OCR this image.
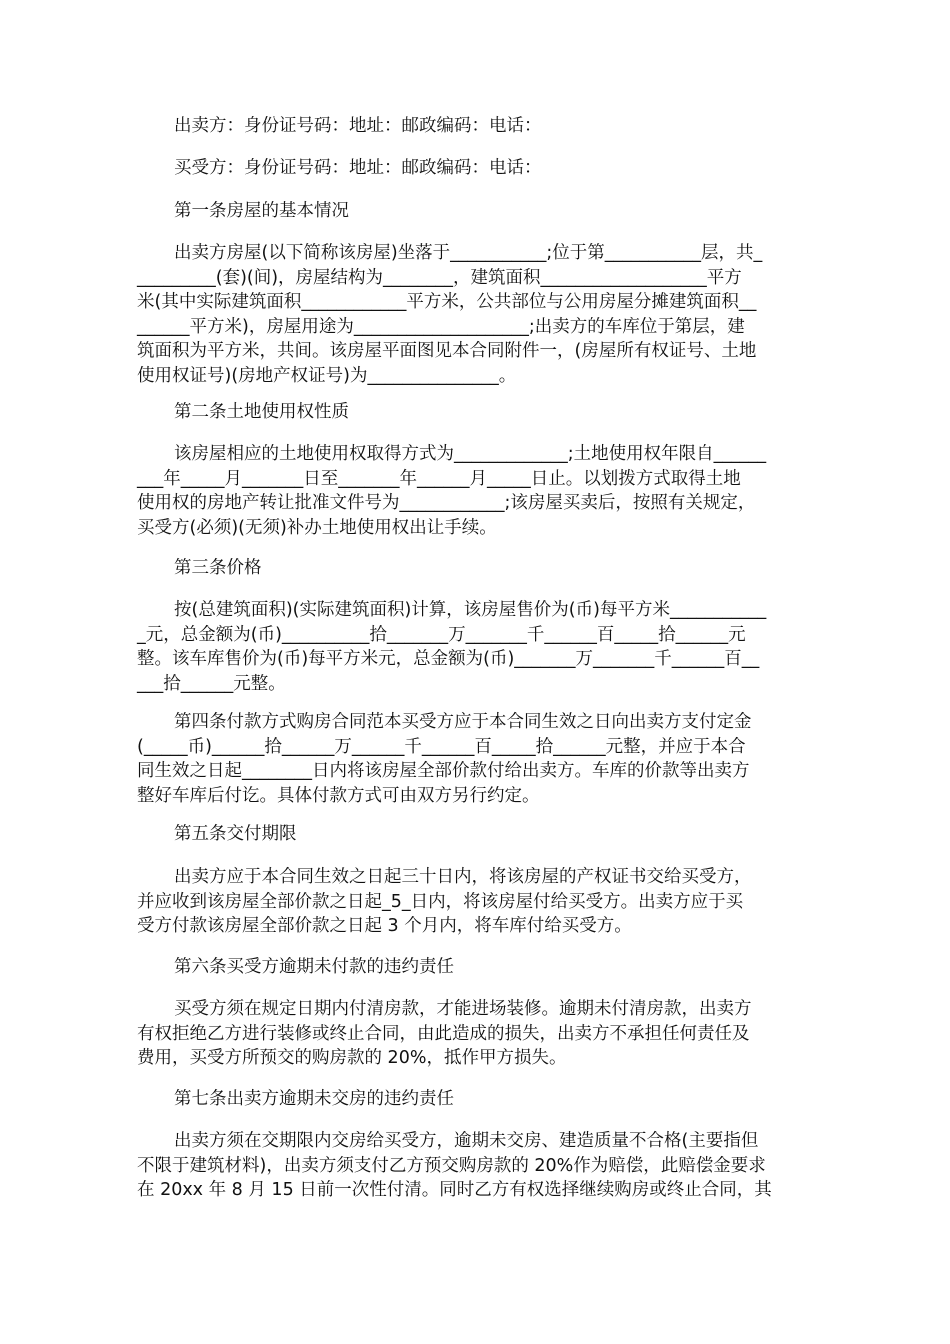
出卖方：身份证号码：地址：邮政编码：电话：

买受方：身份证号码：地址：邮政编码：电话：

第一条房屋的基本情况

出卖方房屋(以下简称该房屋)坐落于___________;位于第___________层，共_
_________(套)(间)，房屋结构为________，建筑面积___________________平方
米(其中实际建筑面积____________平方米，公共部位与公用房屋分摊建筑面积__
______平方米)，房屋用途为____________________;出卖方的车库位于第层，建
筑面积为平方米，共间。该房屋平面图见本合同附件一，(房屋所有权证号、土地
使用权证号)(房地产权证号)为_______________。

第二条土地使用权性质

该房屋相应的土地使用权取得方式为_____________;土地使用权年限自______
___年_____月_______日至_______年______月_____日止。以划拨方式取得土地
使用权的房地产转让批准文件号为____________;该房屋买卖后，按照有关规定，
买受方(必须)(无须)补办土地使用权出让手续。

第三条价格

按(总建筑面积)(实际建筑面积)计算，该房屋售价为(币)每平方米___________
_元，总金额为(币)__________拾_______万_______千______百_____拾______元
整。该车库售价为(币)每平方米元，总金额为(币)_______万_______千______百__
___拾______元整。

第四条付款方式购房合同范本买受方应于本合同生效之日向出卖方支付定金
(_____币)______拾______万______千______百_____拾______元整，并应于本合
同生效之日起________日内将该房屋全部价款付给出卖方。车库的价款等出卖方
整好车库后付讫。具体付款方式可由双方另行约定。

第五条交付期限

出卖方应于本合同生效之日起三十日内，将该房屋的产权证书交给买受方，
并应收到该房屋全部价款之日起_5_日内，将该房屋付给买受方。出卖方应于买
受方付款该房屋全部价款之日起 3 个月内，将车库付给买受方。

第六条买受方逾期未付款的违约责任

买受方须在规定日期内付清房款，才能进场装修。逾期未付清房款，出卖方
有权拒绝乙方进行装修或终止合同，由此造成的损失，出卖方不承担任何责任及
费用，买受方所预交的购房款的 20%，抵作甲方损失。

第七条出卖方逾期未交房的违约责任

出卖方须在交期限内交房给买受方，逾期未交房、建造质量不合格(主要指但
不限于建筑材料)，出卖方须支付乙方预交购房款的 20%作为赔偿，此赔偿金要求
在 20xx 年 8 月 15 日前一次性付清。同时乙方有权选择继续购房或终止合同，其
